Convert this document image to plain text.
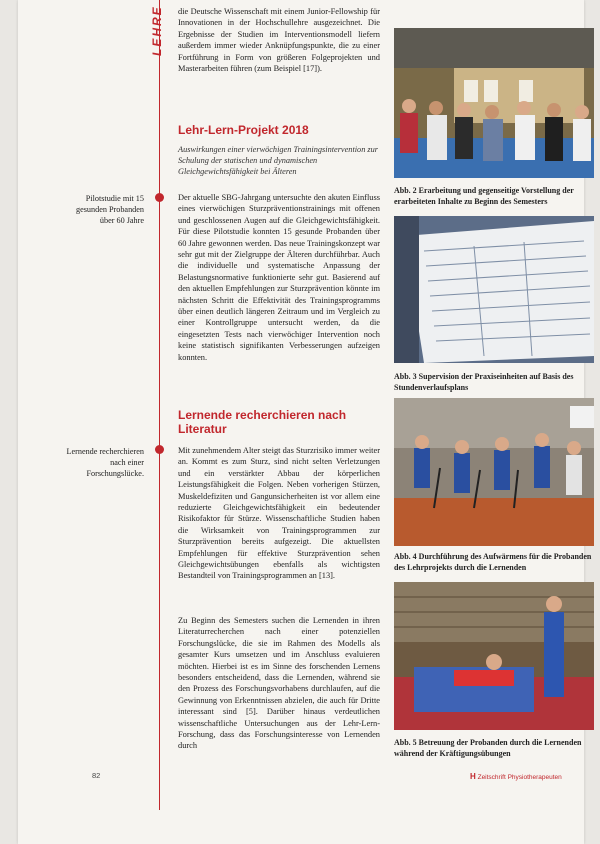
LEHRE die Deutsche Wissenschaft mit einem Junior-Fellowship für Innovationen in der Hochschullehre ausgezeichnet. Die Ergebnisse der Studien im Interventionsmodell liefern außerdem immer wieder Anknüpfungspunkte, die zu einer Fortführung in Form von größeren Folgeprojekten und Masterarbeiten führen (zum Beispiel [17]).

Lehr-Lern-Projekt 2018
Auswirkungen einer vierwöchigen Trainingsintervention zur Schulung der statischen und dynamischen Gleichgewichtsfähigkeit bei Älteren
Pilotstudie mit 15 gesunden Probanden über 60 Jahre

Der aktuelle SBG-Jahrgang untersuchte den akuten Einfluss eines vierwöchigen Sturzpräventionstrainings mit offenen und geschlossenen Augen auf die Gleichgewichtsfähigkeit. Für diese Pilotstudie konnten 15 gesunde Probanden über 60 Jahre gewonnen werden. Das neue Trainingskonzept war sehr gut mit der Zielgruppe der Älteren durchführbar. Auch die individuelle und systematische Anpassung der Belastungsnormative funktionierte sehr gut. Basierend auf den aktuellen Empfehlungen zur Sturzprävention könnte im nächsten Schritt die Effektivität des Trainingsprogramms über einen deutlich längeren Zeitraum und im Vergleich zu einer Kontrollgruppe untersucht werden, da die eingesetzten Tests nach vierwöchiger Intervention noch keine statistisch signifikanten Verbesserungen aufzeigen konnten.

Lernende recherchieren nach Literatur
Lernende recherchieren nach einer Forschungslücke.

Mit zunehmendem Alter steigt das Sturzrisiko immer weiter an. Kommt es zum Sturz, sind nicht selten Verletzungen und ein verstärkter Abbau der körperlichen Leistungsfähigkeit die Folgen. Neben vorherigen Stürzen, Muskeldefiziten und Gangunsicherheiten ist vor allem eine reduzierte Gleichgewichtsfähigkeit ein bedeutender Risikofaktor für Stürze. Wissenschaftliche Studien haben die Wirksamkeit von Trainingsprogrammen zur Sturzprävention bereits aufgezeigt. Die aktuellsten Empfehlungen für effektive Sturzprävention sehen Gleichgewichtsübungen ebenfalls als wichtigsten Bestandteil von Trainingsprogrammen an [13].

Zu Beginn des Semesters suchen die Lernenden in ihren Literaturrecherchen nach einer potenziellen Forschungslücke, die sie im Rahmen des Modells als gesamter Kurs umsetzen und im Anschluss evaluieren möchten. Hierbei ist es im Sinne des forschenden Lernens besonders entscheidend, dass die Lernenden, während sie den Prozess des Forschungsvorhabens durchlaufen, auf die Gewinnung von Erkenntnissen abzielen, die auch für Dritte interessant sind [5]. Darüber hinaus verdeutlichen wissenschaftliche Untersuchungen aus der Lehr-Lern-Forschung, dass das Forschungsinteresse von Lernenden durch

Abb. 2 Erarbeitung und gegenseitige Vorstellung der erarbeiteten Inhalte zu Beginn des Semesters
Abb. 3 Supervision der Praxiseinheiten auf Basis des Stundenverlaufsplans
Abb. 4 Durchführung des Aufwärmens für die Probanden des Lehrprojekts durch die Lernenden
Abb. 5 Betreuung der Probanden durch die Lernenden während der Kräftigungsübungen
82	H Zeitschrift Physiotherapeuten
